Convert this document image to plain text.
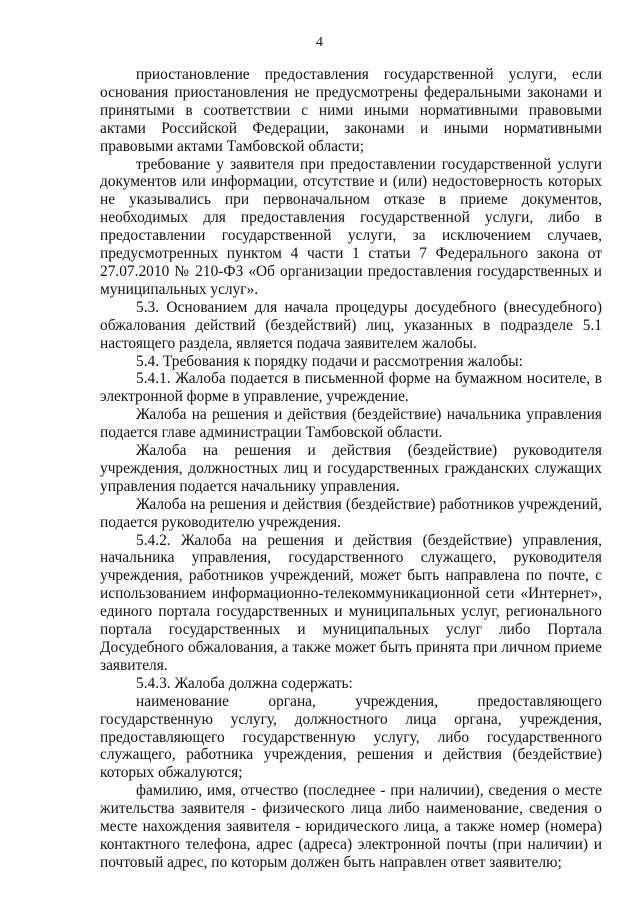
4

приостановление предоставления государственной услуги, если основания приостановления не предусмотрены федеральными законами и принятыми в соответствии с ними иными нормативными правовыми актами Российской Федерации, законами и иными нормативными правовыми актами Тамбовской области;

требование у заявителя при предоставлении государственной услуги документов или информации, отсутствие и (или) недостоверность которых не указывались при первоначальном отказе в приеме документов, необходимых для предоставления государственной услуги, либо в предоставлении государственной услуги, за исключением случаев, предусмотренных пунктом 4 части 1 статьи 7 Федерального закона от 27.07.2010 № 210-ФЗ «Об организации предоставления государственных и муниципальных услуг».

5.3. Основанием для начала процедуры досудебного (внесудебного) обжалования действий (бездействий) лиц, указанных в подразделе 5.1 настоящего раздела, является подача заявителем жалобы.

5.4. Требования к порядку подачи и рассмотрения жалобы:

5.4.1. Жалоба подается в письменной форме на бумажном носителе, в электронной форме в управление, учреждение.

Жалоба на решения и действия (бездействие) начальника управления подается главе администрации Тамбовской области.

Жалоба на решения и действия (бездействие) руководителя учреждения, должностных лиц и государственных гражданских служащих управления подается начальнику управления.

Жалоба на решения и действия (бездействие) работников учреждений, подается руководителю учреждения.

5.4.2. Жалоба на решения и действия (бездействие) управления, начальника управления, государственного служащего, руководителя учреждения, работников учреждений, может быть направлена по почте, с использованием информационно-телекоммуникационной сети «Интернет», единого портала государственных и муниципальных услуг, регионального портала государственных и муниципальных услуг либо Портала Досудебного обжалования, а также может быть принята при личном приеме заявителя.

5.4.3. Жалоба должна содержать:

наименование органа, учреждения, предоставляющего государственную услугу, должностного лица органа, учреждения, предоставляющего государственную услугу, либо государственного служащего, работника учреждения, решения и действия (бездействие) которых обжалуются;

фамилию, имя, отчество (последнее - при наличии), сведения о месте жительства заявителя - физического лица либо наименование, сведения о месте нахождения заявителя - юридического лица, а также номер (номера) контактного телефона, адрес (адреса) электронной почты (при наличии) и почтовый адрес, по которым должен быть направлен ответ заявителю;
